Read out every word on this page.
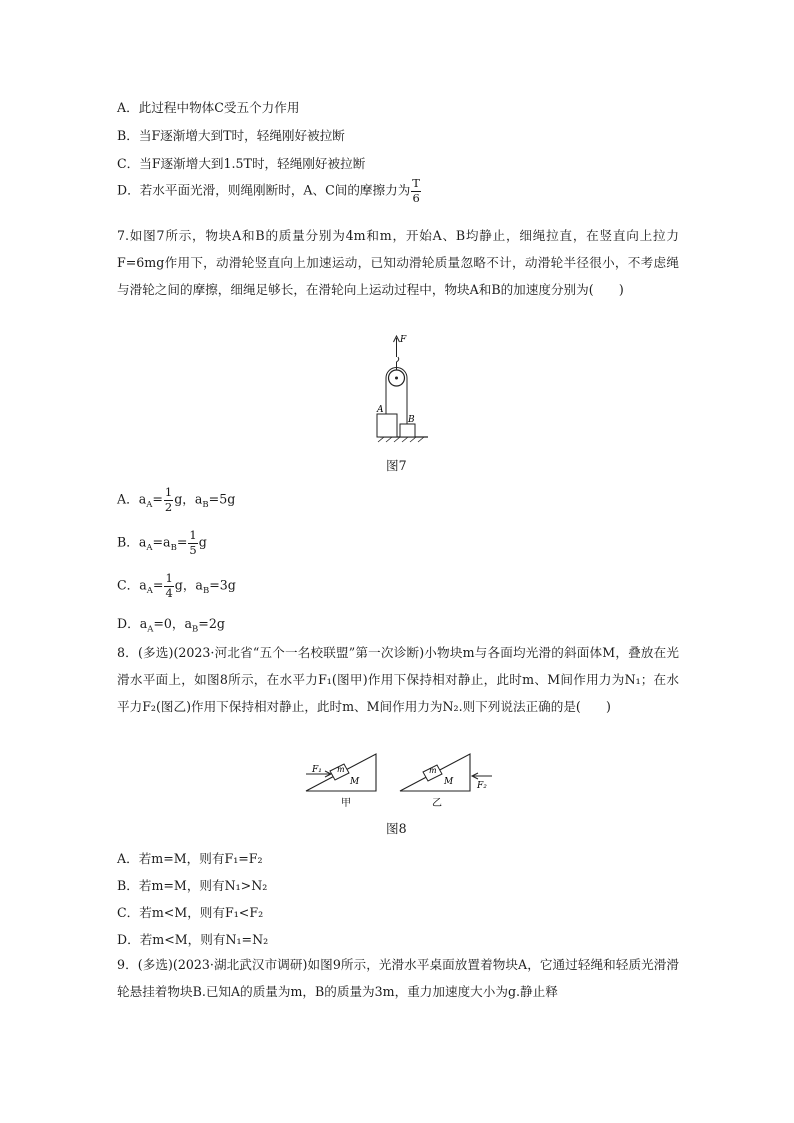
A．此过程中物体C受五个力作用
B．当F逐渐增大到T时，轻绳刚好被拉断
C．当F逐渐增大到1.5T时，轻绳刚好被拉断
D．若水平面光滑，则绳刚断时，A、C间的摩擦力为 $\frac{T}{6}$
7.如图7所示，物块A和B的质量分别为4m和m，开始A、B均静止，细绳拉直，在竖直向上拉力F=6mg作用下，动滑轮竖直向上加速运动，已知动滑轮质量忽略不计，动滑轮半径很小，不考虑绳与滑轮之间的摩擦，细绳足够长，在滑轮向上运动过程中，物块A和B的加速度分别为(　　)
F
A
B
图7
A．$a_A= \frac{1}{2}$ g，$a_B=5g$
B．$a_A=a_B= \frac{1}{5}$ g
C．$a_A= \frac{1}{4}$ g，$a_B=3g$
D．$a_A=0$，$a_B=2g$
8．(多选)(2023·河北省“五个一名校联盟”第一次诊断)小物块m与各面均光滑的斜面体M，叠放在光滑水平面上，如图8所示，在水平力F₁(图甲)作用下保持相对静止，此时m、M间作用力为N₁；在水平力F₂(图乙)作用下保持相对静止，此时m、M间作用力为N₂.则下列说法正确的是(　　)
F₁ m
M
甲
F₂
m
M
乙
图8
A．若m=M，则有F₁=F₂
B．若m=M，则有N₁>N₂
C．若m<M，则有F₁<F₂
D．若m<M，则有N₁=N₂
9．(多选)(2023·湖北武汉市调研)如图9所示，光滑水平桌面放置着物块A，它通过轻绳和轻质光滑滑轮悬挂着物块B.已知A的质量为m，B的质量为3m，重力加速度大小为g.静止释
